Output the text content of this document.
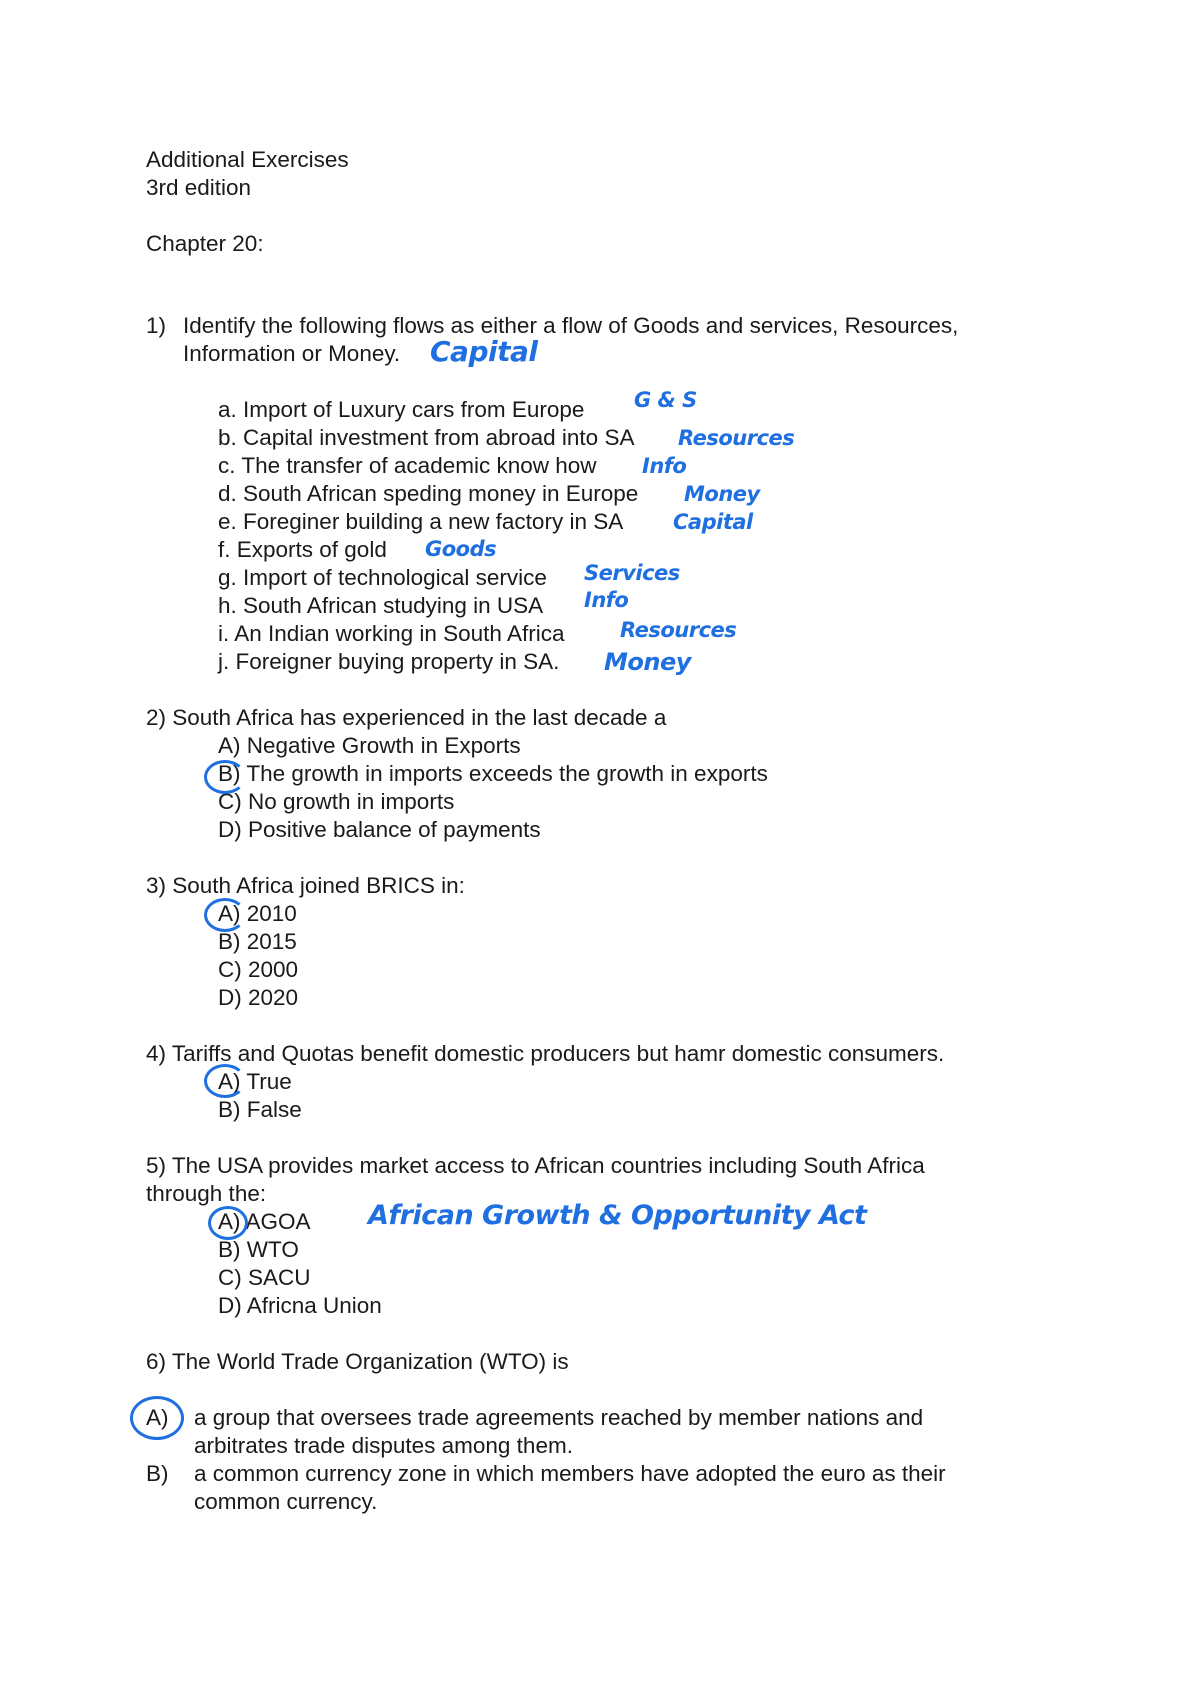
Additional Exercises
3rd edition
Chapter 20:
1) Identify the following flows as either a flow of Goods and services, Resources,
Information or Money. Capital
a. Import of Luxury cars from Europe
b. Capital investment from abroad into SA
c. The transfer of academic know how
d. South African speding money in Europe
e. Foreginer building a new factory in SA
f. Exports of gold
g. Import of technological service
h. South African studying in USA
i. An Indian working in South Africa
j. Foreigner buying property in SA.
G & S
Resources
Info
Money
Capital
Goods
Services
Info
Resources
Money
2) South Africa has experienced in the last decade a
A) Negative Growth in Exports
B) The growth in imports exceeds the growth in exports
C) No growth in imports
D) Positive balance of payments
3) South Africa joined BRICS in:
A) 2010
B) 2015
C) 2000
D) 2020
4) Tariffs and Quotas benefit domestic producers but hamr domestic consumers.
A) True
B) False
5) The USA provides market access to African countries including South Africa
through the:
A) AGOA
B) WTO
C) SACU
D) Africna Union
African Growth & Opportunity Act
6) The World Trade Organization (WTO) is
A) a group that oversees trade agreements reached by member nations and
arbitrates trade disputes among them.
B) a common currency zone in which members have adopted the euro as their
common currency.
